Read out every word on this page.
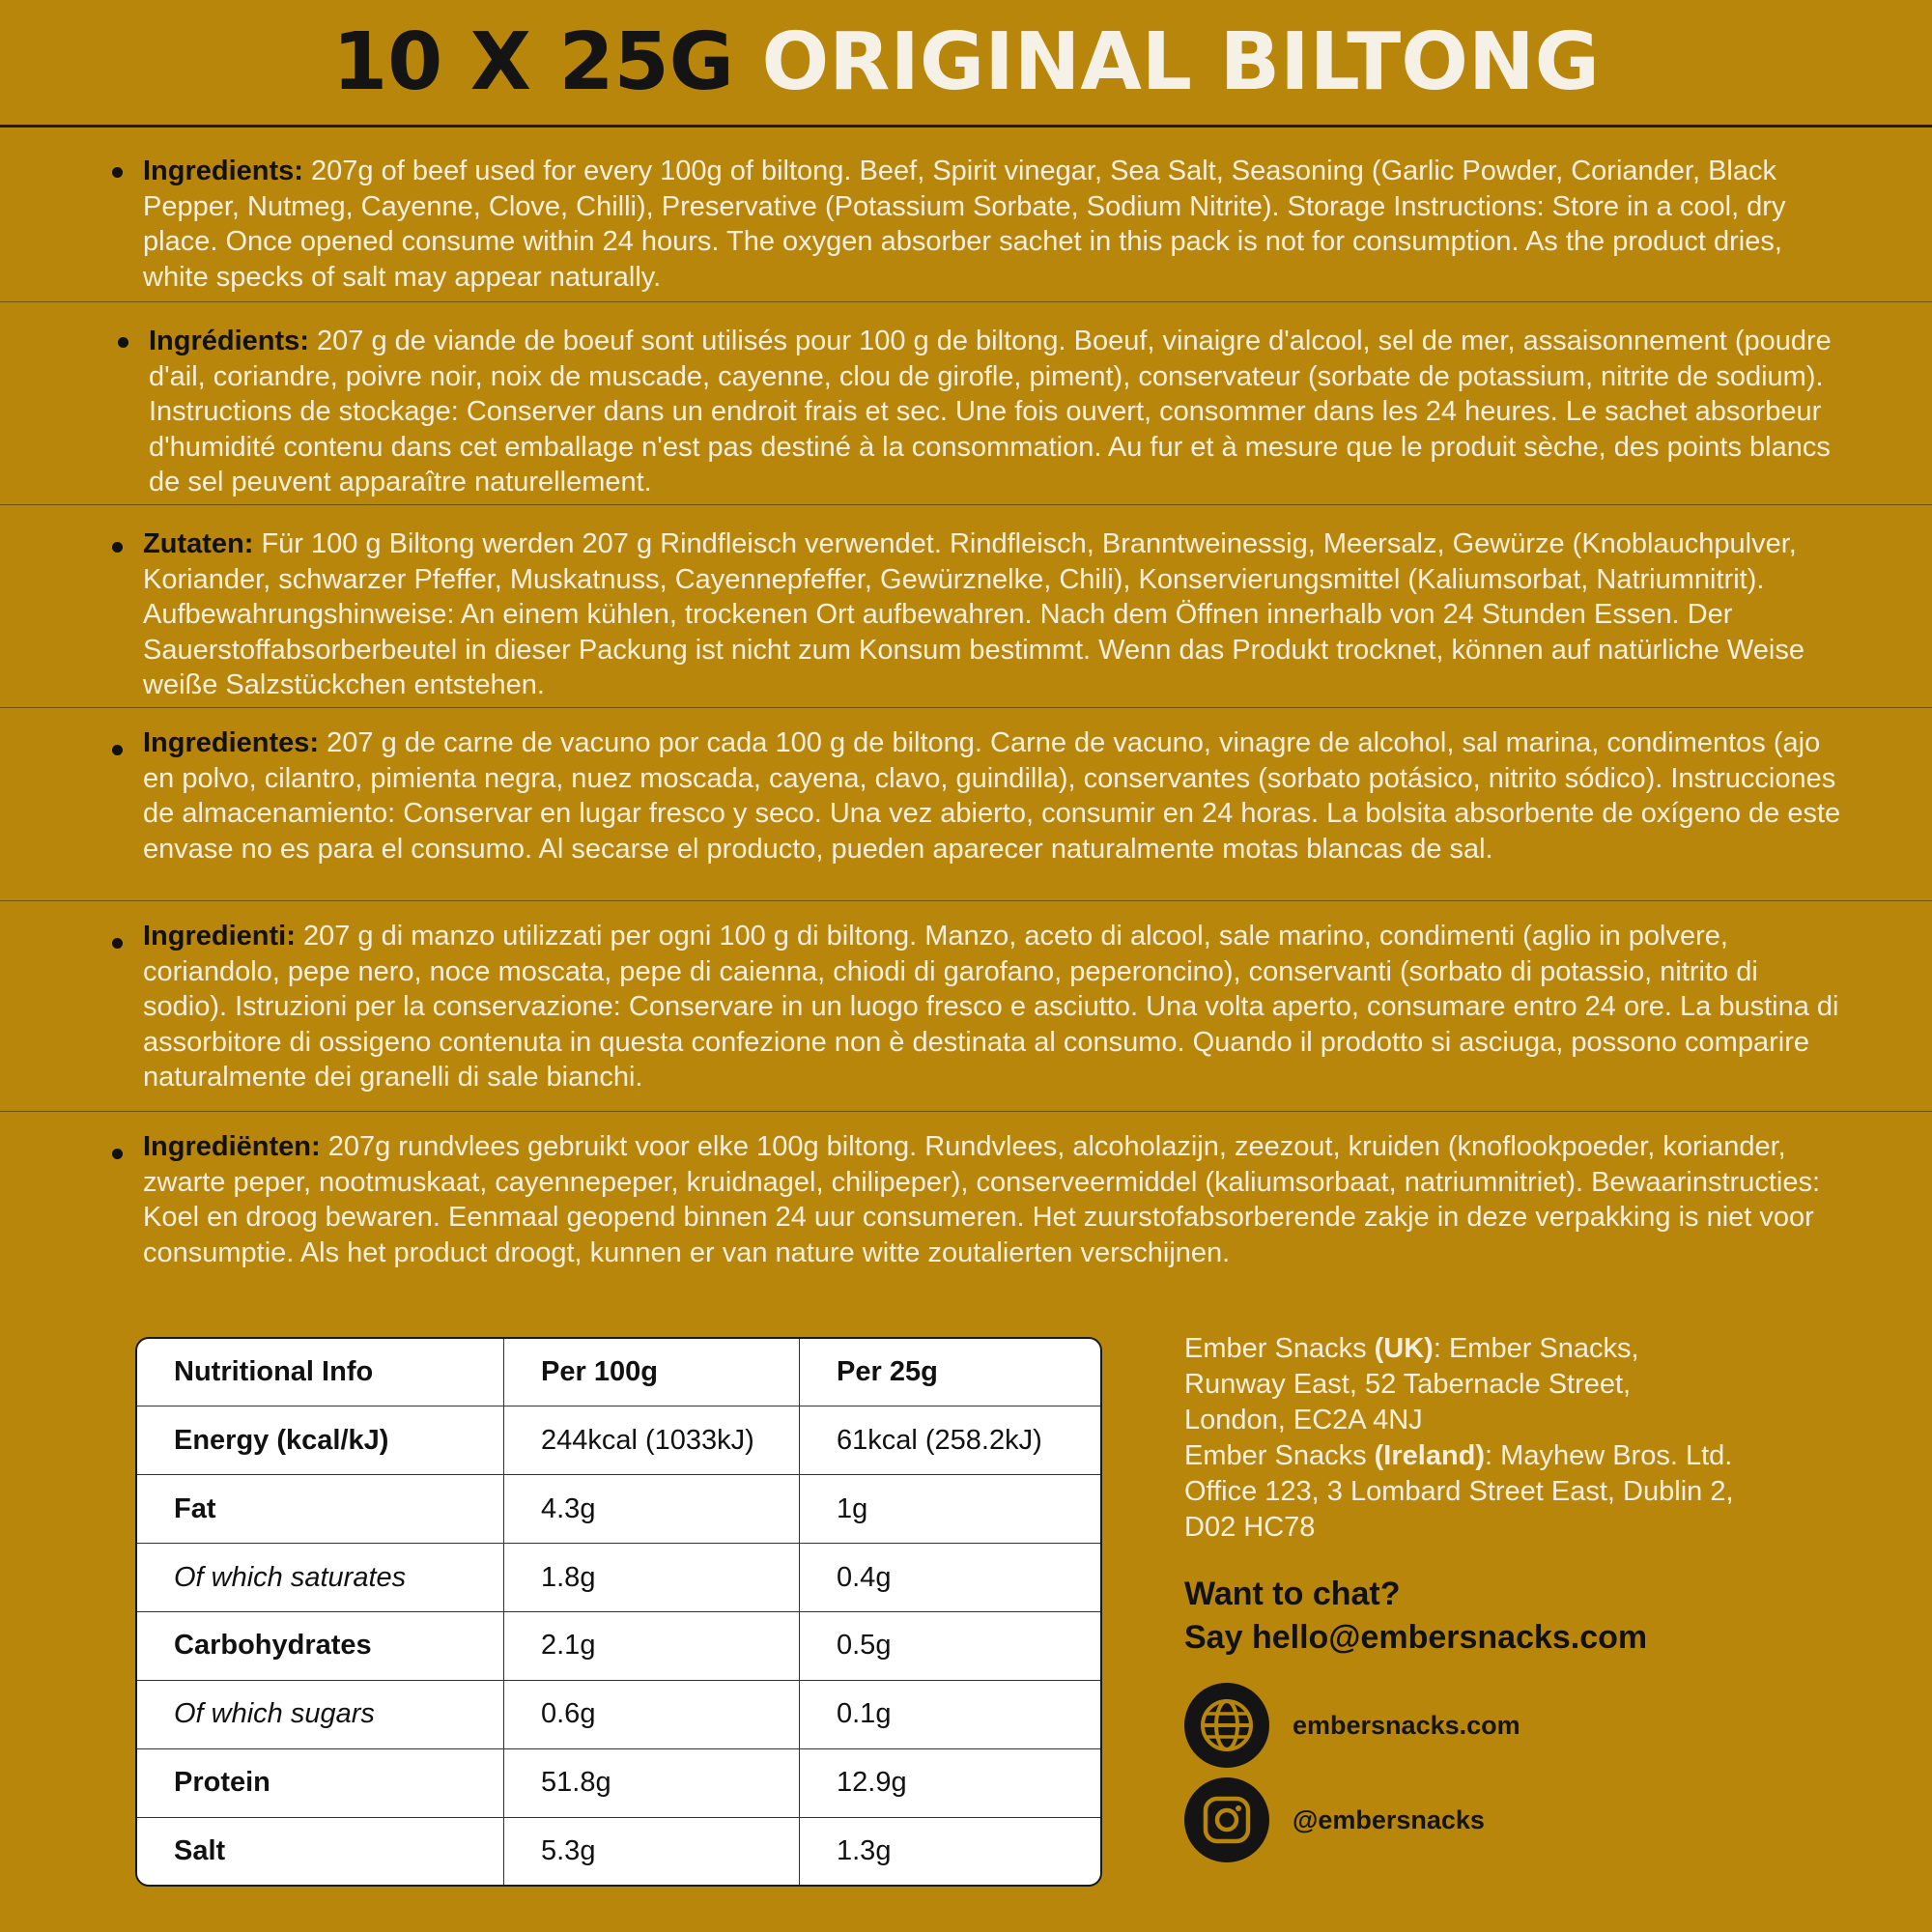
10 X 25G ORIGINAL BILTONG
Ingredients: 207g of beef used for every 100g of biltong. Beef, Spirit vinegar, Sea Salt, Seasoning (Garlic Powder, Coriander, Black Pepper, Nutmeg, Cayenne, Clove, Chilli), Preservative (Potassium Sorbate, Sodium Nitrite). Storage Instructions: Store in a cool, dry place. Once opened consume within 24 hours. The oxygen absorber sachet in this pack is not for consumption. As the product dries, white specks of salt may appear naturally.
Ingrédients: 207 g de viande de boeuf sont utilisés pour 100 g de biltong. Boeuf, vinaigre d'alcool, sel de mer, assaisonnement (poudre d'ail, coriandre, poivre noir, noix de muscade, cayenne, clou de girofle, piment), conservateur (sorbate de potassium, nitrite de sodium). Instructions de stockage: Conserver dans un endroit frais et sec. Une fois ouvert, consommer dans les 24 heures. Le sachet absorbeur d'humidité contenu dans cet emballage n'est pas destiné à la consommation. Au fur et à mesure que le produit sèche, des points blancs de sel peuvent apparaître naturellement.
Zutaten: Für 100 g Biltong werden 207 g Rindfleisch verwendet. Rindfleisch, Branntweinessig, Meersalz, Gewürze (Knoblauchpulver, Koriander, schwarzer Pfeffer, Muskatnuss, Cayennepfeffer, Gewürznelke, Chili), Konservierungsmittel (Kaliumsorbat, Natriumnitrit). Aufbewahrungshinweise: An einem kühlen, trockenen Ort aufbewahren. Nach dem Öffnen innerhalb von 24 Stunden Essen. Der Sauerstoffabsorberbeutel in dieser Packung ist nicht zum Konsum bestimmt. Wenn das Produkt trocknet, können auf natürliche Weise weiße Salzstückchen entstehen.
Ingredientes: 207 g de carne de vacuno por cada 100 g de biltong. Carne de vacuno, vinagre de alcohol, sal marina, condimentos (ajo en polvo, cilantro, pimienta negra, nuez moscada, cayena, clavo, guindilla), conservantes (sorbato potásico, nitrito sódico). Instrucciones de almacenamiento: Conservar en lugar fresco y seco. Una vez abierto, consumir en 24 horas. La bolsita absorbente de oxígeno de este envase no es para el consumo. Al secarse el producto, pueden aparecer naturalmente motas blancas de sal.
Ingredienti: 207 g di manzo utilizzati per ogni 100 g di biltong. Manzo, aceto di alcool, sale marino, condimenti (aglio in polvere, coriandolo, pepe nero, noce moscata, pepe di caienna, chiodi di garofano, peperoncino), conservanti (sorbato di potassio, nitrito di sodio). Istruzioni per la conservazione: Conservare in un luogo fresco e asciutto. Una volta aperto, consumare entro 24 ore. La bustina di assorbitore di ossigeno contenuta in questa confezione non è destinata al consumo. Quando il prodotto si asciuga, possono comparire naturalmente dei granelli di sale bianchi.
Ingrediënten: 207g rundvlees gebruikt voor elke 100g biltong. Rundvlees, alcoholazijn, zeezout, kruiden (knoflookpoeder, koriander, zwarte peper, nootmuskaat, cayennepeper, kruidnagel, chilipeper), conserveermiddel (kaliumsorbaat, natriumnitriet). Bewaarinstructies: Koel en droog bewaren. Eenmaal geopend binnen 24 uur consumeren. Het zuurstofabsorberende zakje in deze verpakking is niet voor consumptie. Als het product droogt, kunnen er van nature witte zoutalierten verschijnen.
Nutritional Info	Per 100g	Per 25g
Energy (kcal/kJ)	244kcal (1033kJ)	61kcal (258.2kJ)
Fat	4.3g	1g
Of which saturates	1.8g	0.4g
Carbohydrates	2.1g	0.5g
Of which sugars	0.6g	0.1g
Protein	51.8g	12.9g
Salt	5.3g	1.3g
Ember Snacks (UK): Ember Snacks,
Runway East, 52 Tabernacle Street,
London, EC2A 4NJ
Ember Snacks (Ireland): Mayhew Bros. Ltd.
Office 123, 3 Lombard Street East, Dublin 2,
D02 HC78
Want to chat?
Say hello@embersnacks.com
embersnacks.com
@embersnacks
